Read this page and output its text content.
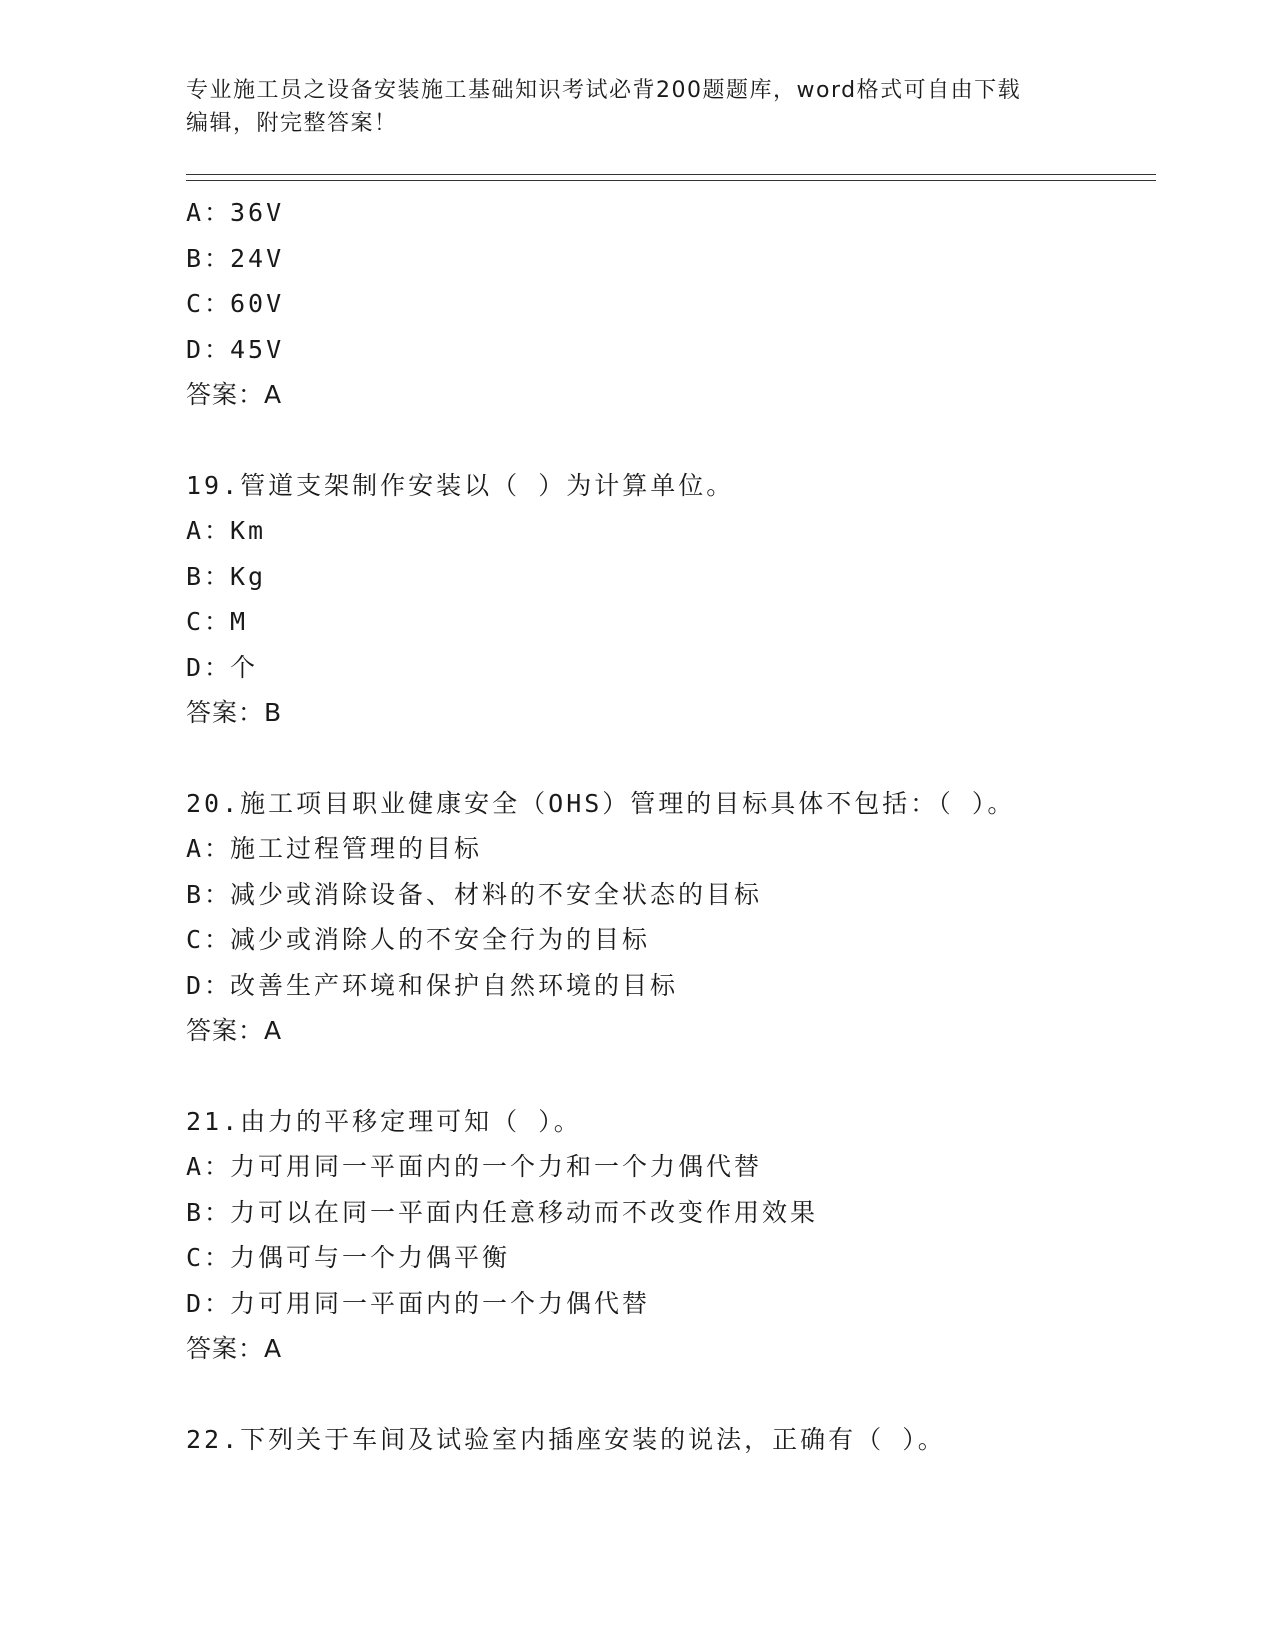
专业施工员之设备安装施工基础知识考试必背200题题库，word格式可自由下载
编辑，附完整答案！
A：36V
B：24V
C：60V
D：45V
答案：A
19.管道支架制作安装以（ ）为计算单位。
A：Km
B：Kg
C：M
D：个
答案：B
20.施工项目职业健康安全（OHS）管理的目标具体不包括：（ ）。
A：施工过程管理的目标
B：减少或消除设备、材料的不安全状态的目标
C：减少或消除人的不安全行为的目标
D：改善生产环境和保护自然环境的目标
答案：A
21.由力的平移定理可知（ ）。
A：力可用同一平面内的一个力和一个力偶代替
B：力可以在同一平面内任意移动而不改变作用效果
C：力偶可与一个力偶平衡
D：力可用同一平面内的一个力偶代替
答案：A
22.下列关于车间及试验室内插座安装的说法，正确有（ ）。
